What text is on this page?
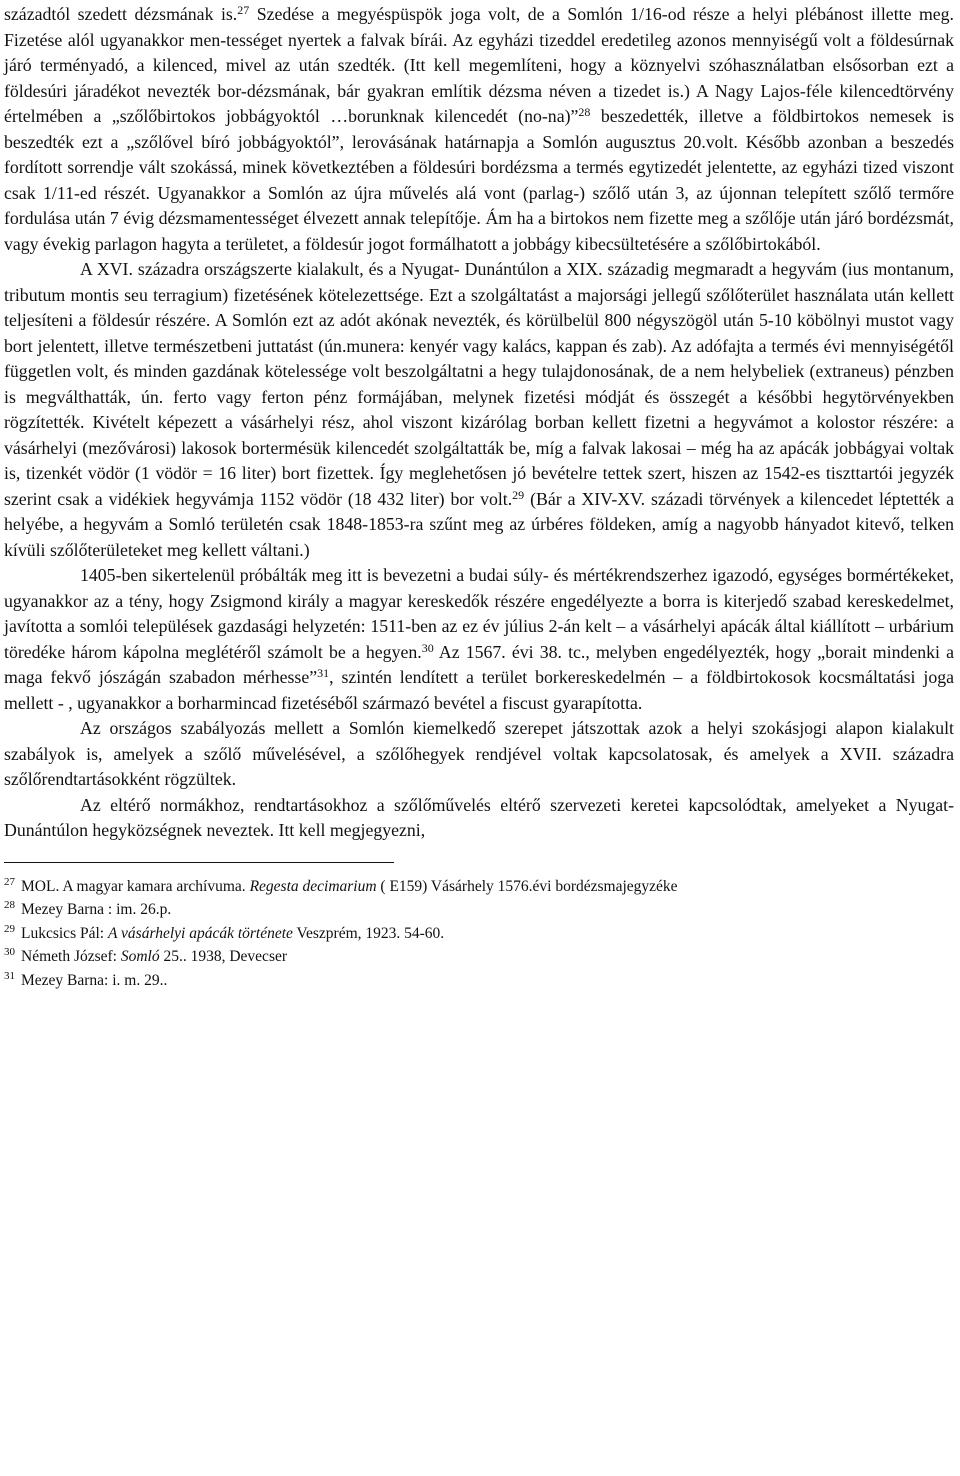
századtól szedett dézsmának is.$^{27}$ Szedése a megyéspüspök joga volt, de a Somlón 1/16-od része a helyi plébánost illette meg. Fizetése alól ugyanakkor men-tességet nyertek a falvak bírái. Az egyházi tizeddel eredetileg azonos mennyiségű volt a földesúrnak járó terményadó, a kilenced, mivel az után szedték. (Itt kell megemlíteni, hogy a köznyelvi szóhasználatban elsősorban ezt a földesúri járadékot nevezték bor-dézsmának, bár gyakran említik dézsma néven a tizedet is.) A Nagy Lajos-féle kilencedtörvény értelmében a „szőlőbirtokos jobbágyoktól …borunknak kilencedét (no-na)”$^{28}$ beszedették, illetve a földbirtokos nemesek is beszedték ezt a „szőlővel bíró jobbágyoktól”, lerovásának határnapja a Somlón augusztus 20.volt. Később azonban a beszedés fordított sorrendje vált szokássá, minek következtében a földesúri bordézsma a termés egytizedét jelentette, az egyházi tized viszont csak 1/11-ed részét. Ugyanakkor a Somlón az újra művelés alá vont (parlag-) szőlő után 3, az újonnan telepített szőlő termőre fordulása után 7 évig dézsmamentességet élvezett annak telepítője. Ám ha a birtokos nem fizette meg a szőlője után járó bordézsmát, vagy évekig parlagon hagyta a területet, a földesúr jogot formálhatott a jobbágy kibecsültetésére a szőlőbirtokából.

A XVI. századra országszerte kialakult, és a Nyugat- Dunántúlon a XIX. századig megmaradt a hegyvám (ius montanum, tributum montis seu terragium) fizetésének kötelezettsége. Ezt a szolgáltatást a majorsági jellegű szőlőterület használata után kellett teljesíteni a földesúr részére. A Somlón ezt az adót akónak nevezték, és körülbelül 800 négyszögöl után 5-10 köbölnyi mustot vagy bort jelentett, illetve természetbeni juttatást (ún.munera: kenyér vagy kalács, kappan és zab). Az adófajta a termés évi mennyiségétől független volt, és minden gazdának kötelessége volt beszolgáltatni a hegy tulajdonosának, de a nem helybeliek (extraneus) pénzben is megválthatták, ún. ferto vagy ferton pénz formájában, melynek fizetési módját és összegét a későbbi hegytörvényekben rögzítették. Kivételt képezett a vásárhelyi rész, ahol viszont kizárólag borban kellett fizetni a hegyvámot a kolostor részére: a vásárhelyi (mezővárosi) lakosok bortermésük kilencedét szolgáltatták be, míg a falvak lakosai – még ha az apácák jobbágyai voltak is, tizenkét vödör (1 vödör = 16 liter) bort fizettek. Így meglehetősen jó bevételre tettek szert, hiszen az 1542-es tiszttartói jegyzék szerint csak a vidékiek hegyvámja 1152 vödör (18 432 liter) bor volt.$^{29}$ (Bár a XIV-XV. századi törvények a kilencedet léptették a helyébe, a hegyvám a Somló területén csak 1848-1853-ra szűnt meg az úrbéres földeken, amíg a nagyobb hányadot kitevő, telken kívüli szőlőterületeket meg kellett váltani.)

1405-ben sikertelenül próbálták meg itt is bevezetni a budai súly- és mértékrendszerhez igazodó, egységes bormértékeket, ugyanakkor az a tény, hogy Zsigmond király a magyar kereskedők részére engedélyezte a borra is kiterjedő szabad kereskedelmet, javította a somlói települések gazdasági helyzetén: 1511-ben az ez év július 2-án kelt – a vásárhelyi apácák által kiállított – urbárium töredéke három kápolna meglétéről számolt be a hegyen.$^{30}$ Az 1567. évi 38. tc., melyben engedélyezték, hogy „borait mindenki a maga fekvő jószágán szabadon mérhesse”$^{31}$, szintén lendített a terület borkereskedelmén – a földbirtokosok kocsmáltatási joga mellett - , ugyanakkor a borharmincad fizetéséből származó bevétel a fiscust gyarapította.

Az országos szabályozás mellett a Somlón kiemelkedő szerepet játszottak azok a helyi szokásjogi alapon kialakult szabályok is, amelyek a szőlő művelésével, a szőlőhegyek rendjével voltak kapcsolatosak, és amelyek a XVII. századra szőlőrendtartásokként rögzültek.

Az eltérő normákhoz, rendtartásokhoz a szőlőművelés eltérő szervezeti keretei kapcsolódtak, amelyeket a Nyugat-Dunántúlon hegyközségnek neveztek. Itt kell megjegyezni,

$^{27}$ MOL. A magyar kamara archívuma. Regesta decimarium ( E159) Vásárhely 1576.évi bordézsmajegyzéke

$^{28}$ Mezey Barna : im. 26.p.

$^{29}$ Lukcsics Pál: A vásárhelyi apácák története Veszprém, 1923. 54-60.

$^{30}$ Németh József: Somló 25.. 1938, Devecser

$^{31}$ Mezey Barna: i. m. 29..
